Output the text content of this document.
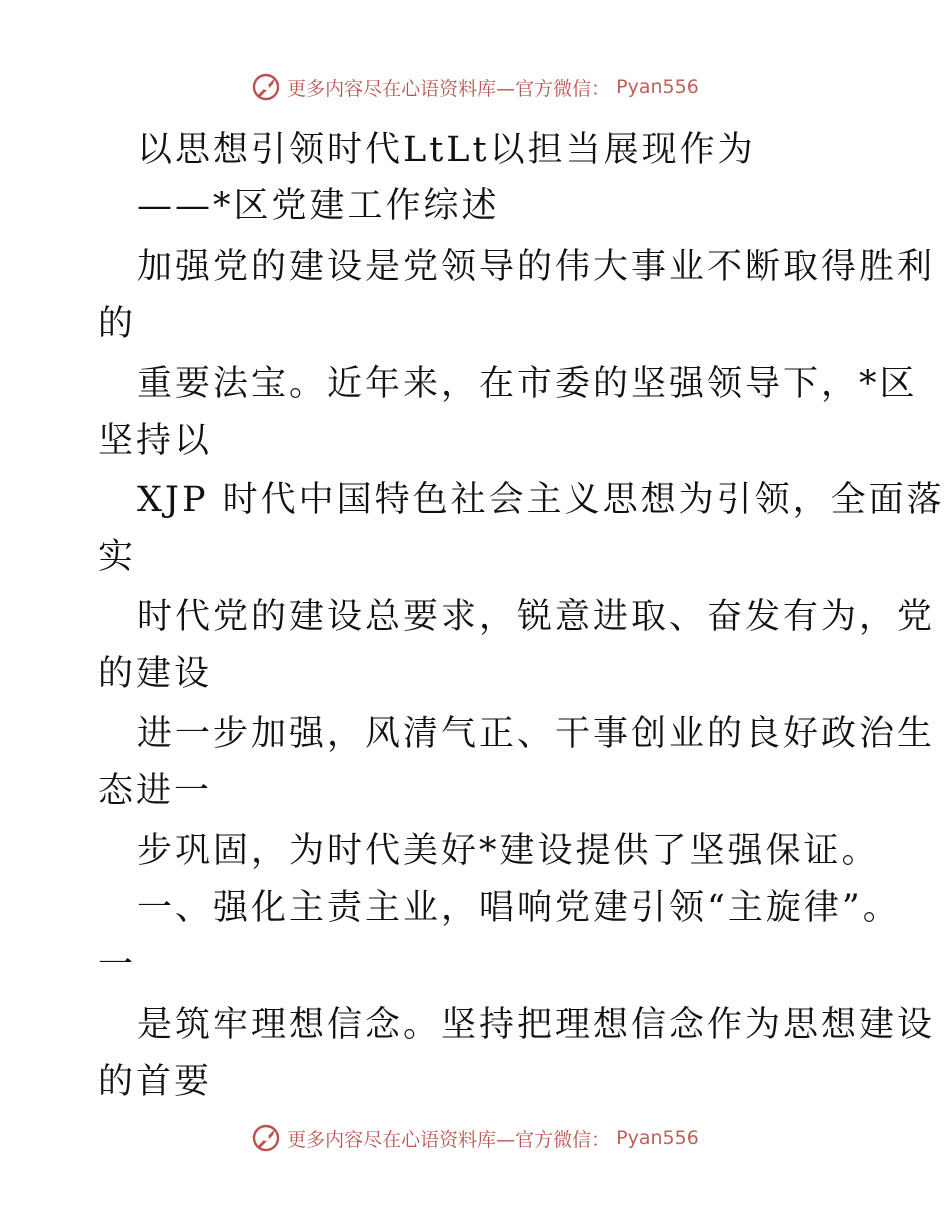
更多内容尽在心语资料库—官方微信： Pyan556
以思想引领时代LtLt以担当展现作为
——*区党建工作综述
加强党的建设是党领导的伟大事业不断取得胜利
的
重要法宝。近年来，在市委的坚强领导下，*区
坚持以
XJP 时代中国特色社会主义思想为引领，全面落
实
时代党的建设总要求，锐意进取、奋发有为，党
的建设
进一步加强，风清气正、干事创业的良好政治生
态进一
步巩固，为时代美好*建设提供了坚强保证。
一、强化主责主业，唱响党建引领“主旋律”。
一
是筑牢理想信念。坚持把理想信念作为思想建设
的首要
更多内容尽在心语资料库—官方微信： Pyan556
